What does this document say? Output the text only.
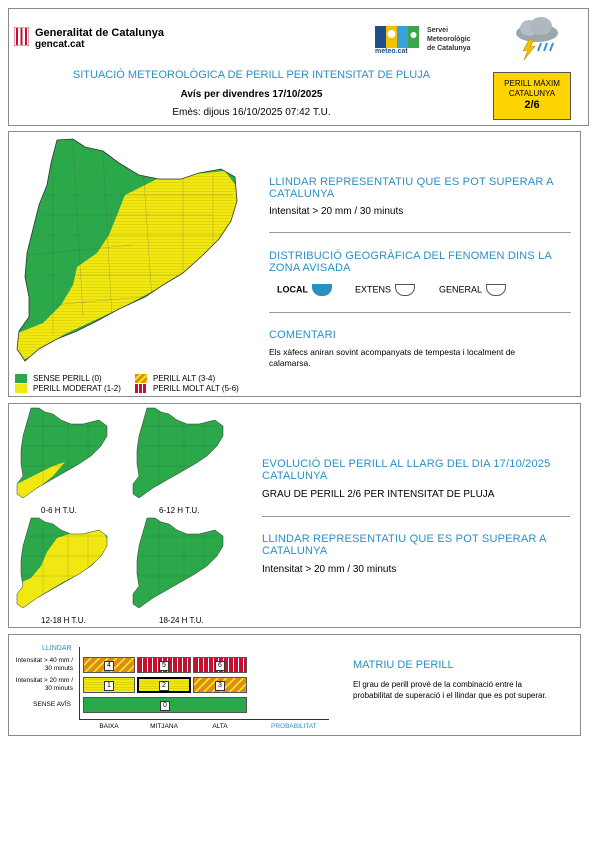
Generalitat de Catalunya
gencat.cat
meteo.cat
Servei
Meteorològic
de Catalunya
SITUACIÓ METEOROLÒGICA DE PERILL PER INTENSITAT DE PLUJA
Avís per divendres 17/10/2025
Emès: dijous 16/10/2025 07:42 T.U.
PERILL MÀXIM CATALUNYA
2/6
SENSE PERILL (0)
PERILL MODERAT (1-2)
PERILL ALT (3-4)
PERILL MOLT ALT (5-6)
LLINDAR REPRESENTATIU QUE ES POT SUPERAR A CATALUNYA
Intensitat > 20 mm / 30 minuts
DISTRIBUCIÓ GEOGRÀFICA DEL FENOMEN DINS LA ZONA AVISADA
LOCAL	EXTENS	GENERAL
COMENTARI
Els xàfecs aniran sovint acompanyats de tempesta i localment de calamarsa.
0-6 H T.U.	6-12 H T.U.
12-18 H T.U.	18-24 H T.U.
EVOLUCIÓ DEL PERILL AL LLARG DEL DIA 17/10/2025 CATALUNYA
GRAU DE PERILL 2/6 PER INTENSITAT DE PLUJA
LLINDAR REPRESENTATIU QUE ES POT SUPERAR A CATALUNYA
Intensitat > 20 mm / 30 minuts
LLINDAR
Intensitat > 40 mm / 30 minuts
Intensitat > 20 mm / 30 minuts
SENSE AVÍS
4	5	6
1	2	3
0
BAIXA	MITJANA	ALTA	PROBABILITAT
MATRIU DE PERILL
El grau de perill prové de la combinació entre la probabilitat de superació i el llindar que es pot superar.
